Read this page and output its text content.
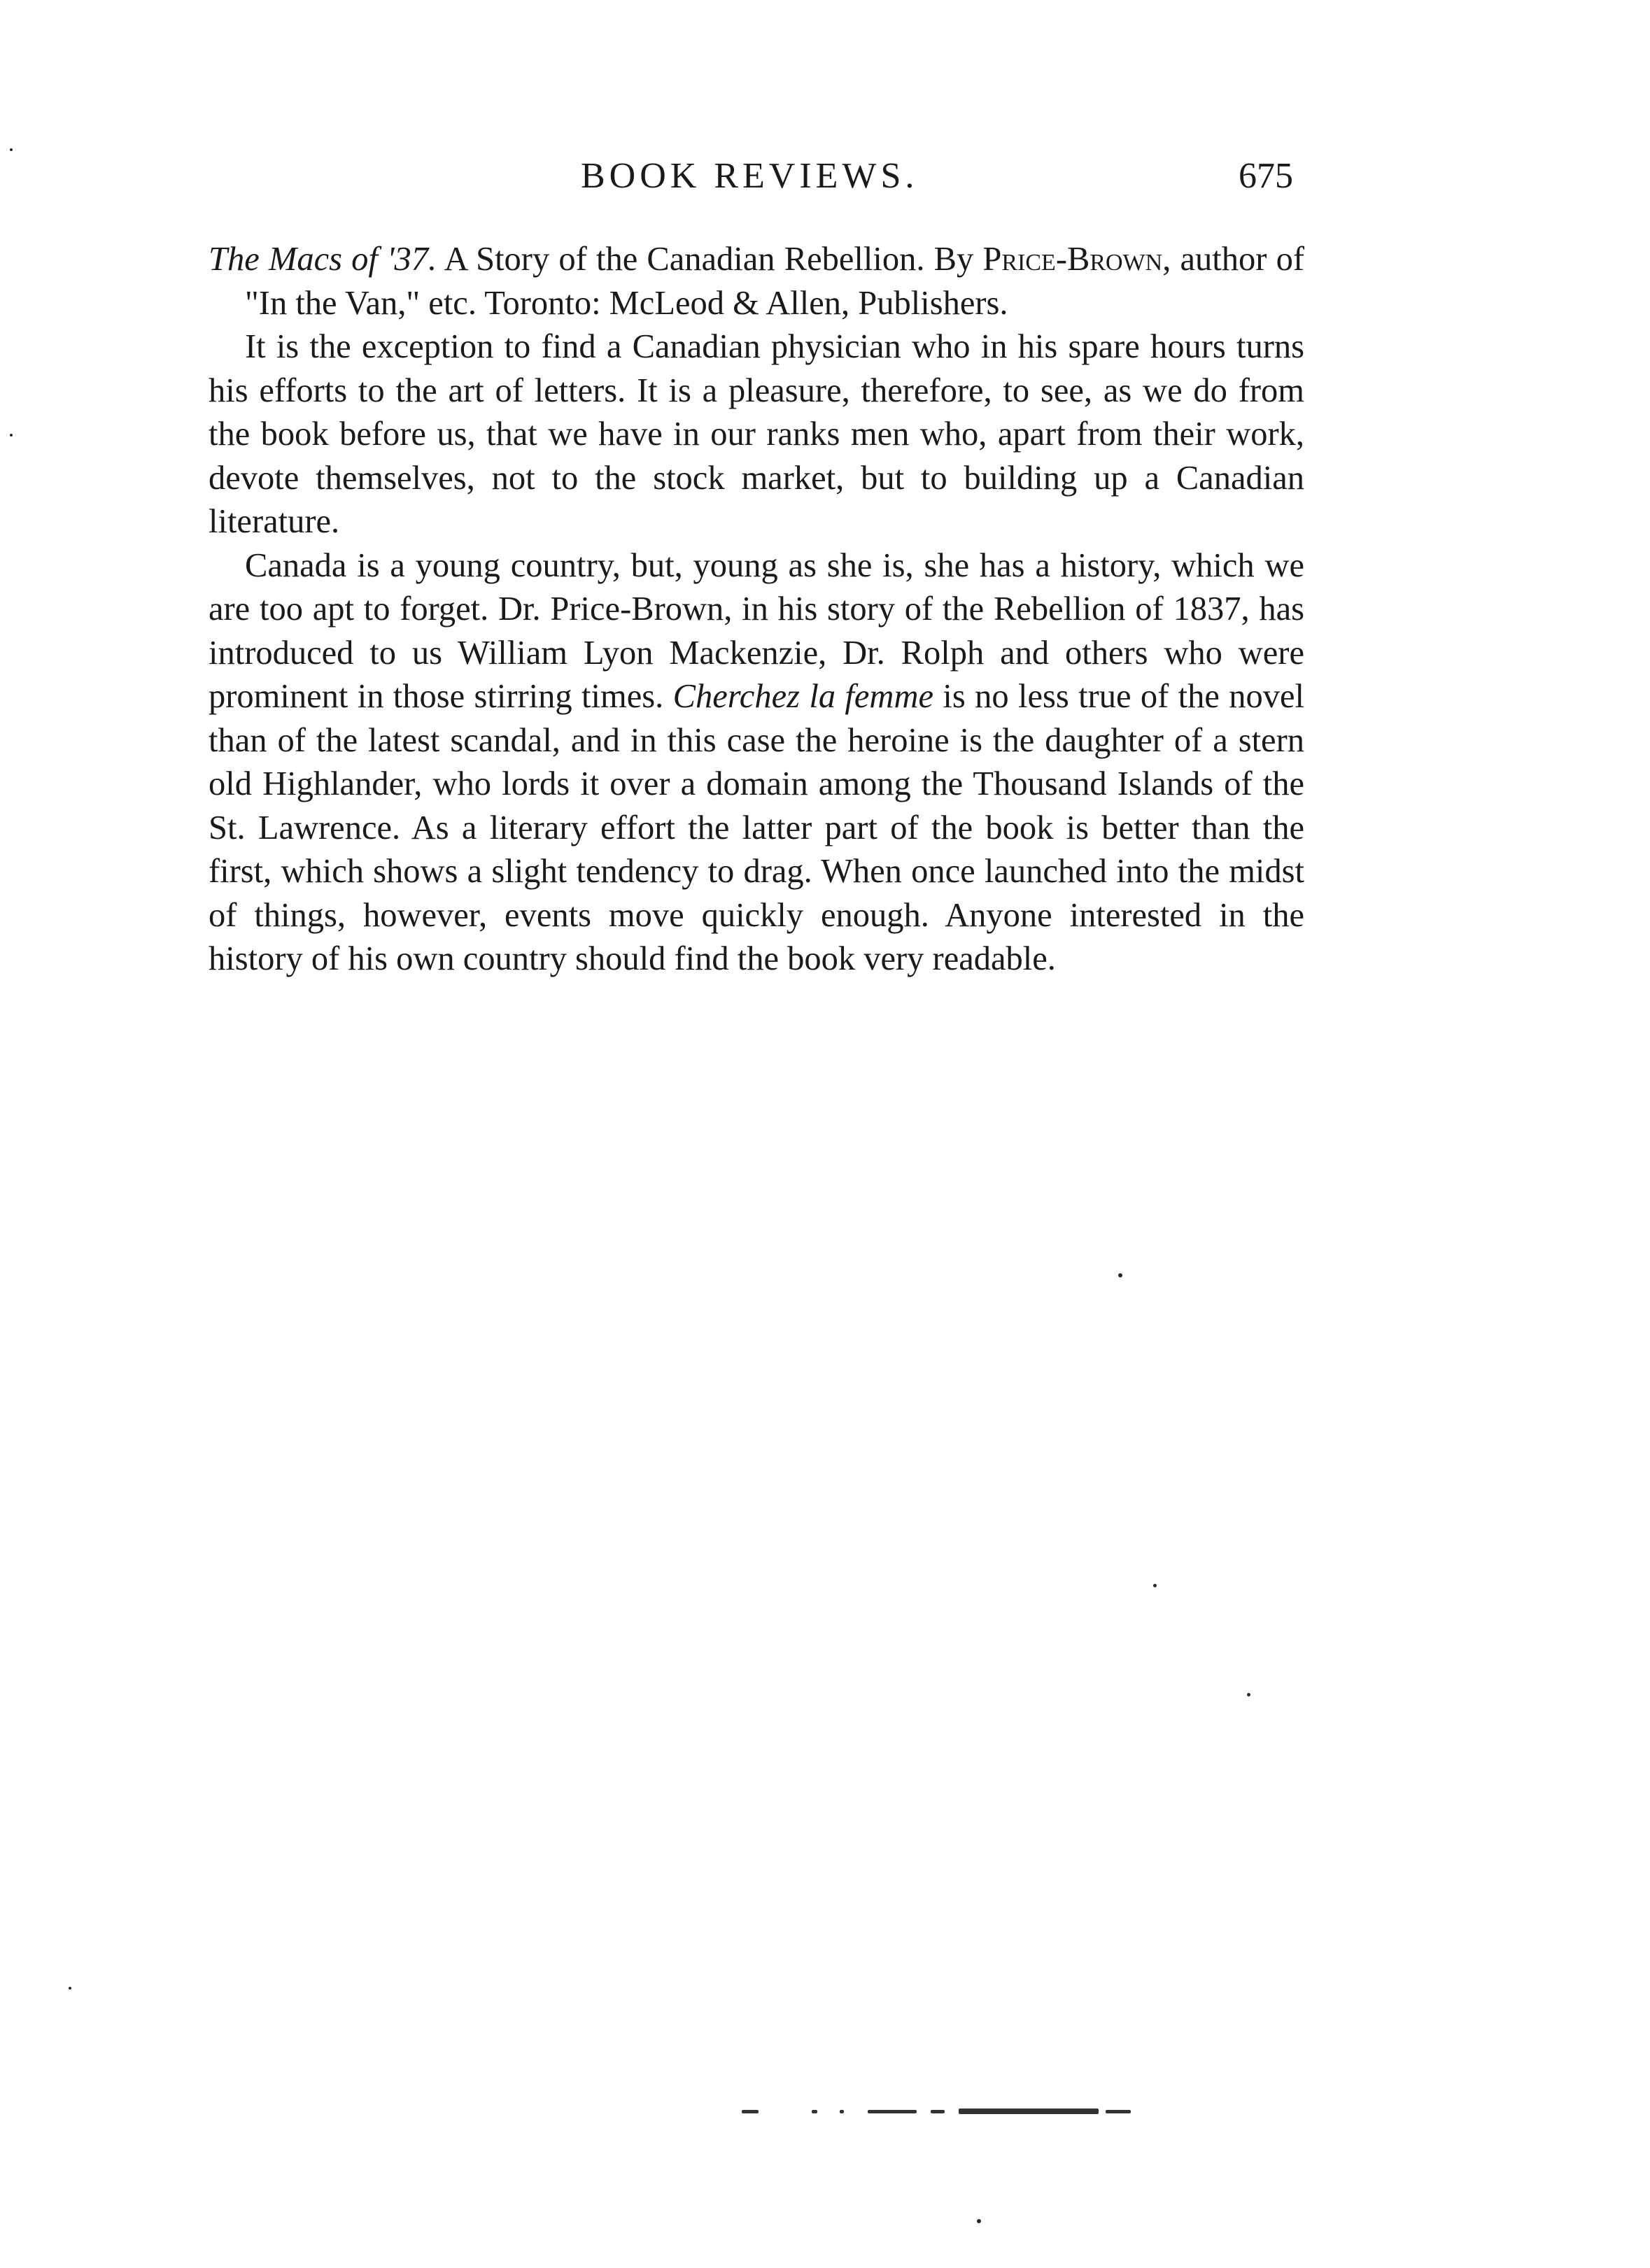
BOOK REVIEWS.	675

The Macs of '37. A Story of the Canadian Rebellion. By Price-Brown, author of "In the Van," etc. Toronto: McLeod & Allen, Publishers.

It is the exception to find a Canadian physician who in his spare hours turns his efforts to the art of letters. It is a pleasure, therefore, to see, as we do from the book before us, that we have in our ranks men who, apart from their work, devote themselves, not to the stock market, but to building up a Canadian literature.

Canada is a young country, but, young as she is, she has a history, which we are too apt to forget. Dr. Price-Brown, in his story of the Rebellion of 1837, has introduced to us William Lyon Mackenzie, Dr. Rolph and others who were prominent in those stirring times. Cherchez la femme is no less true of the novel than of the latest scandal, and in this case the heroine is the daughter of a stern old Highlander, who lords it over a domain among the Thousand Islands of the St. Lawrence. As a literary effort the latter part of the book is better than the first, which shows a slight tendency to drag. When once launched into the midst of things, however, events move quickly enough. Anyone interested in the history of his own country should find the book very readable.
